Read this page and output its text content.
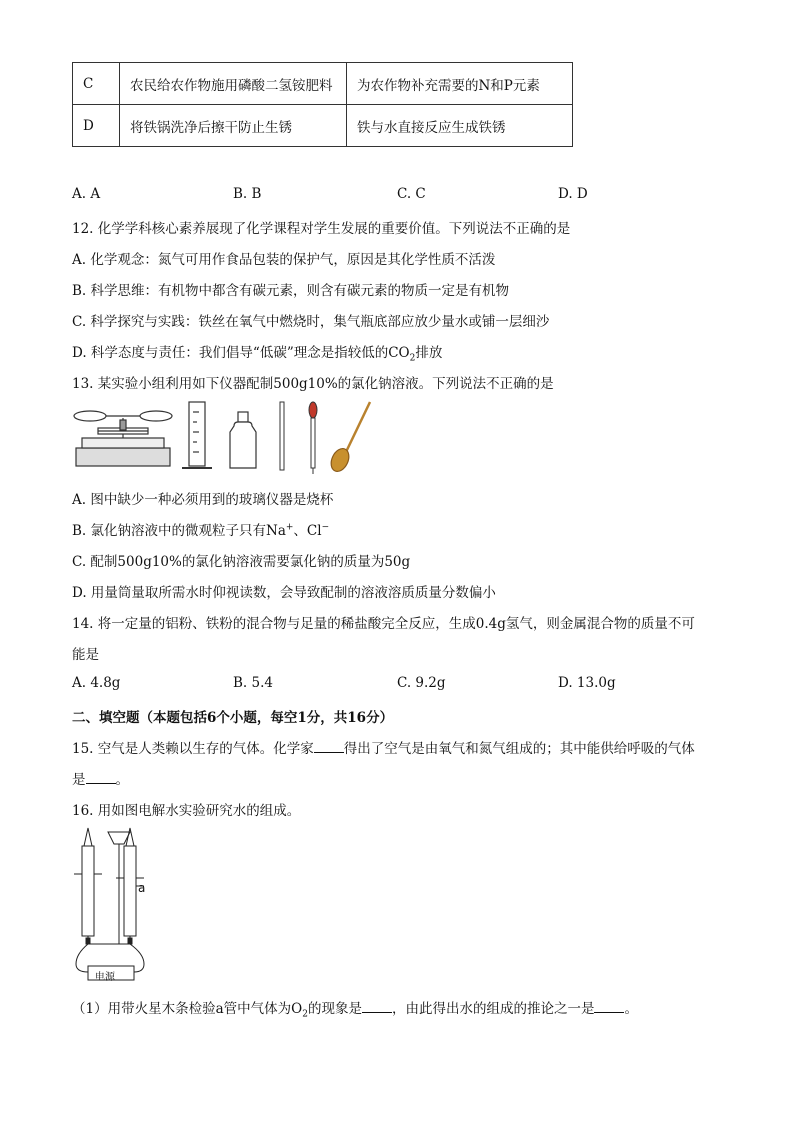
C	农民给农作物施用磷酸二氢铵肥料	为农作物补充需要的N和P元素
D	将铁锅洗净后擦干防止生锈	铁与水直接反应生成铁锈
A. A	B. B	C. C	D. D
12. 化学学科核心素养展现了化学课程对学生发展的重要价值。下列说法不正确的是
A. 化学观念：氮气可用作食品包装的保护气，原因是其化学性质不活泼
B. 科学思维：有机物中都含有碳元素，则含有碳元素的物质一定是有机物
C. 科学探究与实践：铁丝在氧气中燃烧时，集气瓶底部应放少量水或铺一层细沙
D. 科学态度与责任：我们倡导“低碳”理念是指较低的$CO_2$排放
13. 某实验小组利用如下仪器配制500g10%的氯化钠溶液。下列说法不正确的是
A. 图中缺少一种必须用到的玻璃仪器是烧杯
B. 氯化钠溶液中的微观粒子只有Na+、Cl−
C. 配制500g10%的氯化钠溶液需要氯化钠的质量为50g
D. 用量筒量取所需水时仰视读数，会导致配制的溶液溶质质量分数偏小
14. 将一定量的铝粉、铁粉的混合物与足量的稀盐酸完全反应，生成0.4g氢气，则金属混合物的质量不可
能是
A. 4.8g	B. 5.4	C. 9.2g	D. 13.0g
二、填空题（本题包括6个小题，每空1分，共16分）
15. 空气是人类赖以生存的气体。化学家 得出了空气是由氧气和氮气组成的；其中能供给呼吸的气体
是 。
16. 用如图电解水实验研究水的组成。
a
电源
（1）用带火星木条检验a管中气体为$O_2$的现象是 ，由此得出水的组成的推论之一是 。
